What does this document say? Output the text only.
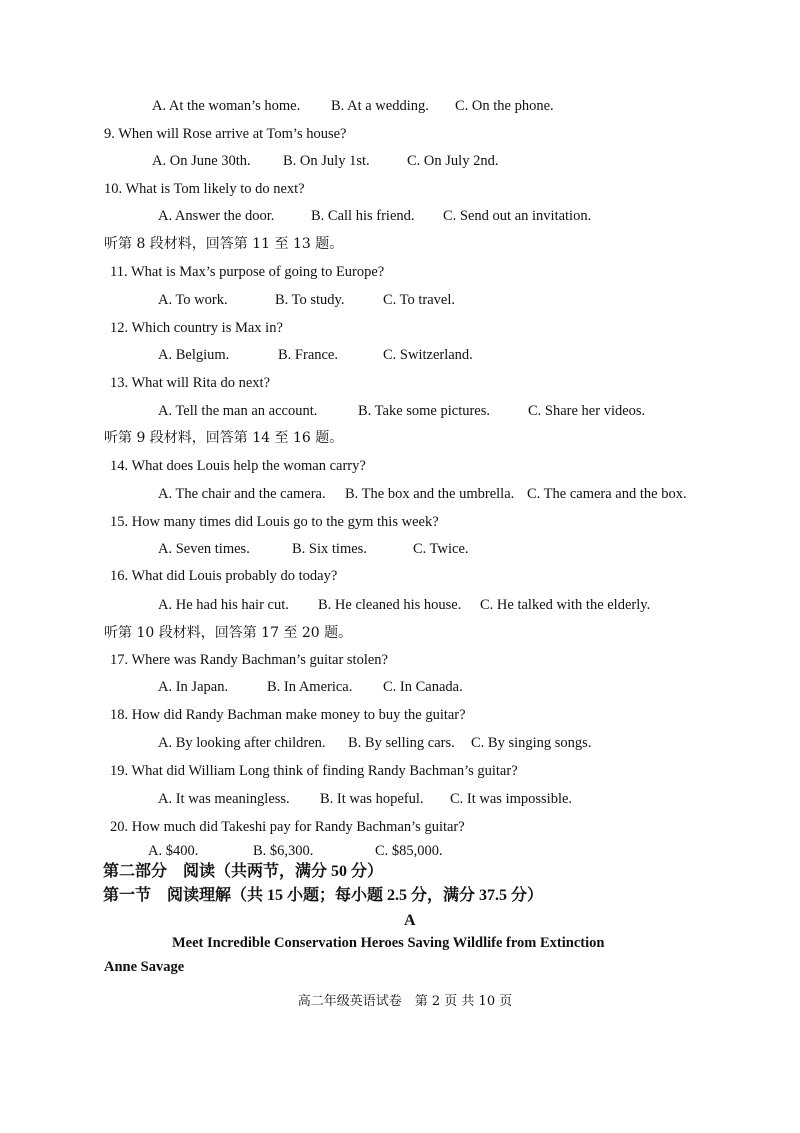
A. At the woman’s home. B. At a wedding. C. On the phone.
9. When will Rose arrive at Tom’s house?
A. On June 30th. B. On July 1st.	C. On July 2nd.
10. What is Tom likely to do next?
A. Answer the door.	B. Call his friend. C. Send out an invitation.
听第 8 段材料，回答第 11 至 13 题。
11. What is Max’s purpose of going to Europe?
A. To work.	B. To study.	C. To travel.
12. Which country is Max in?
A. Belgium.	B. France.	C. Switzerland.
13. What will Rita do next?
A. Tell the man an account.	B. Take some pictures.	C. Share her videos.
听第 9 段材料，回答第 14 至 16 题。
14. What does Louis help the woman carry?
A. The chair and the camera. B. The box and the umbrella. C. The camera and the box.
15. How many times did Louis go to the gym this week?
A. Seven times.	B. Six times.	C. Twice.
16. What did Louis probably do today?
A. He had his hair cut. B. He cleaned his house. C. He talked with the elderly.
听第 10 段材料，回答第 17 至 20 题。
17. Where was Randy Bachman’s guitar stolen?
A. In Japan.	B. In America. C. In Canada.
18. How did Randy Bachman make money to buy the guitar?
A. By looking after children. B. By selling cars. C. By singing songs.
19. What did William Long think of finding Randy Bachman’s guitar?
A. It was meaningless. B. It was hopeful. C. It was impossible.
20. How much did Takeshi pay for Randy Bachman’s guitar?
A. $400.	B. $6,300.	C. $85,000.
第二部分　阅读（共两节，满分 50 分）
第一节　阅读理解（共 15 小题；每小题 2.5 分，满分 37.5 分）
A
Meet Incredible Conservation Heroes Saving Wildlife from Extinction
Anne Savage
高二年级英语试卷　第 2 页 共 10 页
